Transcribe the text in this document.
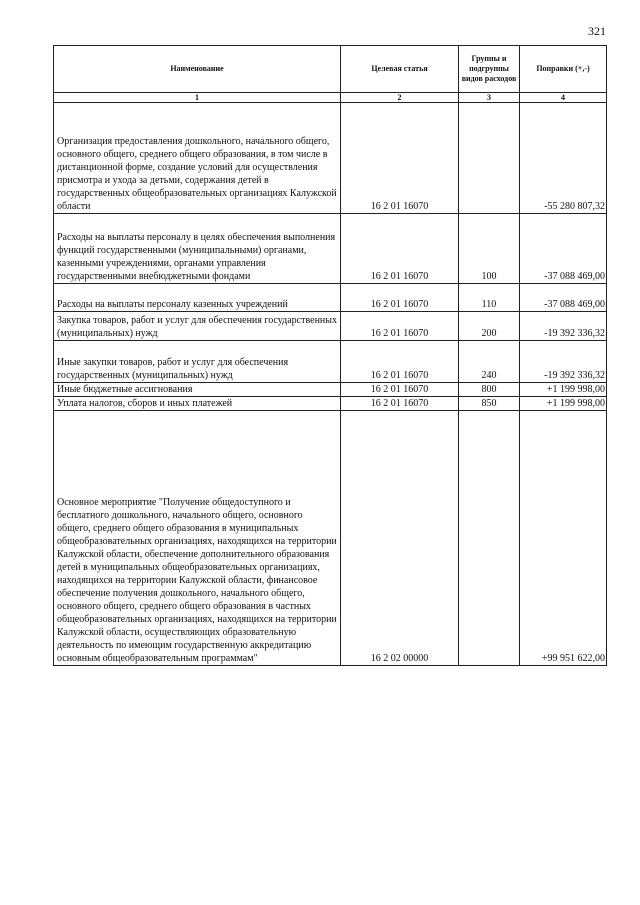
321
Наименование	Целевая статья	Группы и подгруппы видов расходов	Поправки (+,-)
1	2	3	4
Организация предоставления дошкольного, начального общего, основного общего, среднего общего образования, в том числе в дистанционной форме, создание условий для осуществления присмотра и ухода за детьми, содержания детей в государственных общеобразовательных организациях Калужской области	16 2 01 16070		-55 280 807,32
Расходы на выплаты персоналу в целях обеспечения выполнения функций государственными (муниципальными) органами, казенными учреждениями, органами управления государственными внебюджетными фондами	16 2 01 16070	100	-37 088 469,00
Расходы на выплаты персоналу казенных учреждений	16 2 01 16070	110	-37 088 469,00
Закупка товаров, работ и услуг для обеспечения государственных (муниципальных) нужд	16 2 01 16070	200	-19 392 336,32
Иные закупки товаров, работ и услуг для обеспечения государственных (муниципальных) нужд	16 2 01 16070	240	-19 392 336,32
Иные бюджетные ассигнования	16 2 01 16070	800	+1 199 998,00
Уплата налогов, сборов и иных платежей	16 2 01 16070	850	+1 199 998,00
Основное мероприятие "Получение общедоступного и бесплатного дошкольного, начального общего, основного общего, среднего общего образования в муниципальных общеобразовательных организациях, находящихся на территории Калужской области, обеспечение дополнительного образования детей в муниципальных общеобразовательных организациях, находящихся на территории Калужской области, финансовое обеспечение получения дошкольного, начального общего, основного общего, среднего общего образования в частных общеобразовательных организациях, находящихся на территории Калужской области, осуществляющих образовательную деятельность по имеющим государственную аккредитацию основным общеобразовательным программам"	16 2 02 00000		+99 951 622,00
